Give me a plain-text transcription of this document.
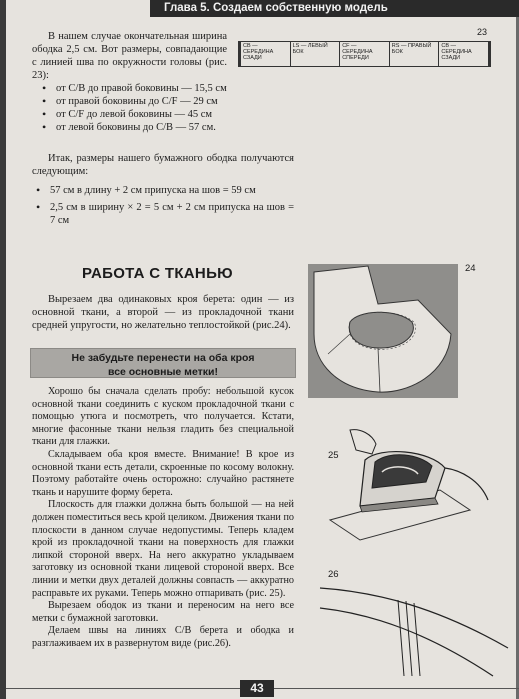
Глава 5. Создаем собственную модель
23
CB — СЕРЕДИНА СЗАДИ
LS — ЛЕВЫЙ БОК
CF — СЕРЕДИНА СПЕРЕДИ
RS — ПРАВЫЙ БОК
CB — СЕРЕДИНА СЗАДИ

В нашем случае окончательная ширина ободка 2,5 см. Вот размеры, совпадающие с линией шва по окружности головы (рис. 23):

• от С/В до правой боковины — 15,5 см
• от правой боковины до С/F — 29 см
• от С/F до левой боковины — 45 см
• от левой боковины до С/В — 57 см.

Итак, размеры нашего бумажного ободка получаются следующим:

• 57 см в длину + 2 см припуска на шов = 59 см
• 2,5 см в ширину × 2 = 5 см + 2 см припуска на шов = 7 см
РАБОТА С ТКАНЬЮ

Вырезаем два одинаковых кроя берета: один — из основной ткани, а второй — из прокладочной ткани средней упругости, но желательно теплостойкой (рис.24).

Не забудьте перенести на оба кроя
все основные метки!

Хорошо бы сначала сделать пробу: небольшой кусок основной ткани соединить с куском прокладочной ткани с помощью утюга и посмотреть, что получается. Кстати, многие фасонные ткани нельзя гладить без специальной ткани для глажки.

Складываем оба кроя вместе. Внимание! В крое из основной ткани есть детали, скроенные по косому волокну. Поэтому работайте очень осторожно: случайно растянете ткань и нарушите форму берета.

Плоскость для глажки должна быть большой — на ней должен поместиться весь крой целиком. Движения ткани по плоскости в данном случае недопустимы. Теперь кладем крой из прокладочной ткани на поверхность для глажки липкой стороной вверх. На него аккуратно укладываем заготовку из основной ткани лицевой стороной вверх. Все линии и метки двух деталей должны совпасть — аккуратно расправьте их руками. Теперь можно отпаривать (рис. 25).

Вырезаем ободок из ткани и переносим на него все метки с бумажной заготовки.

Делаем швы на линиях С/В берета и ободка и разглаживаем их в развернутом виде (рис.26).

24
25
26
43
